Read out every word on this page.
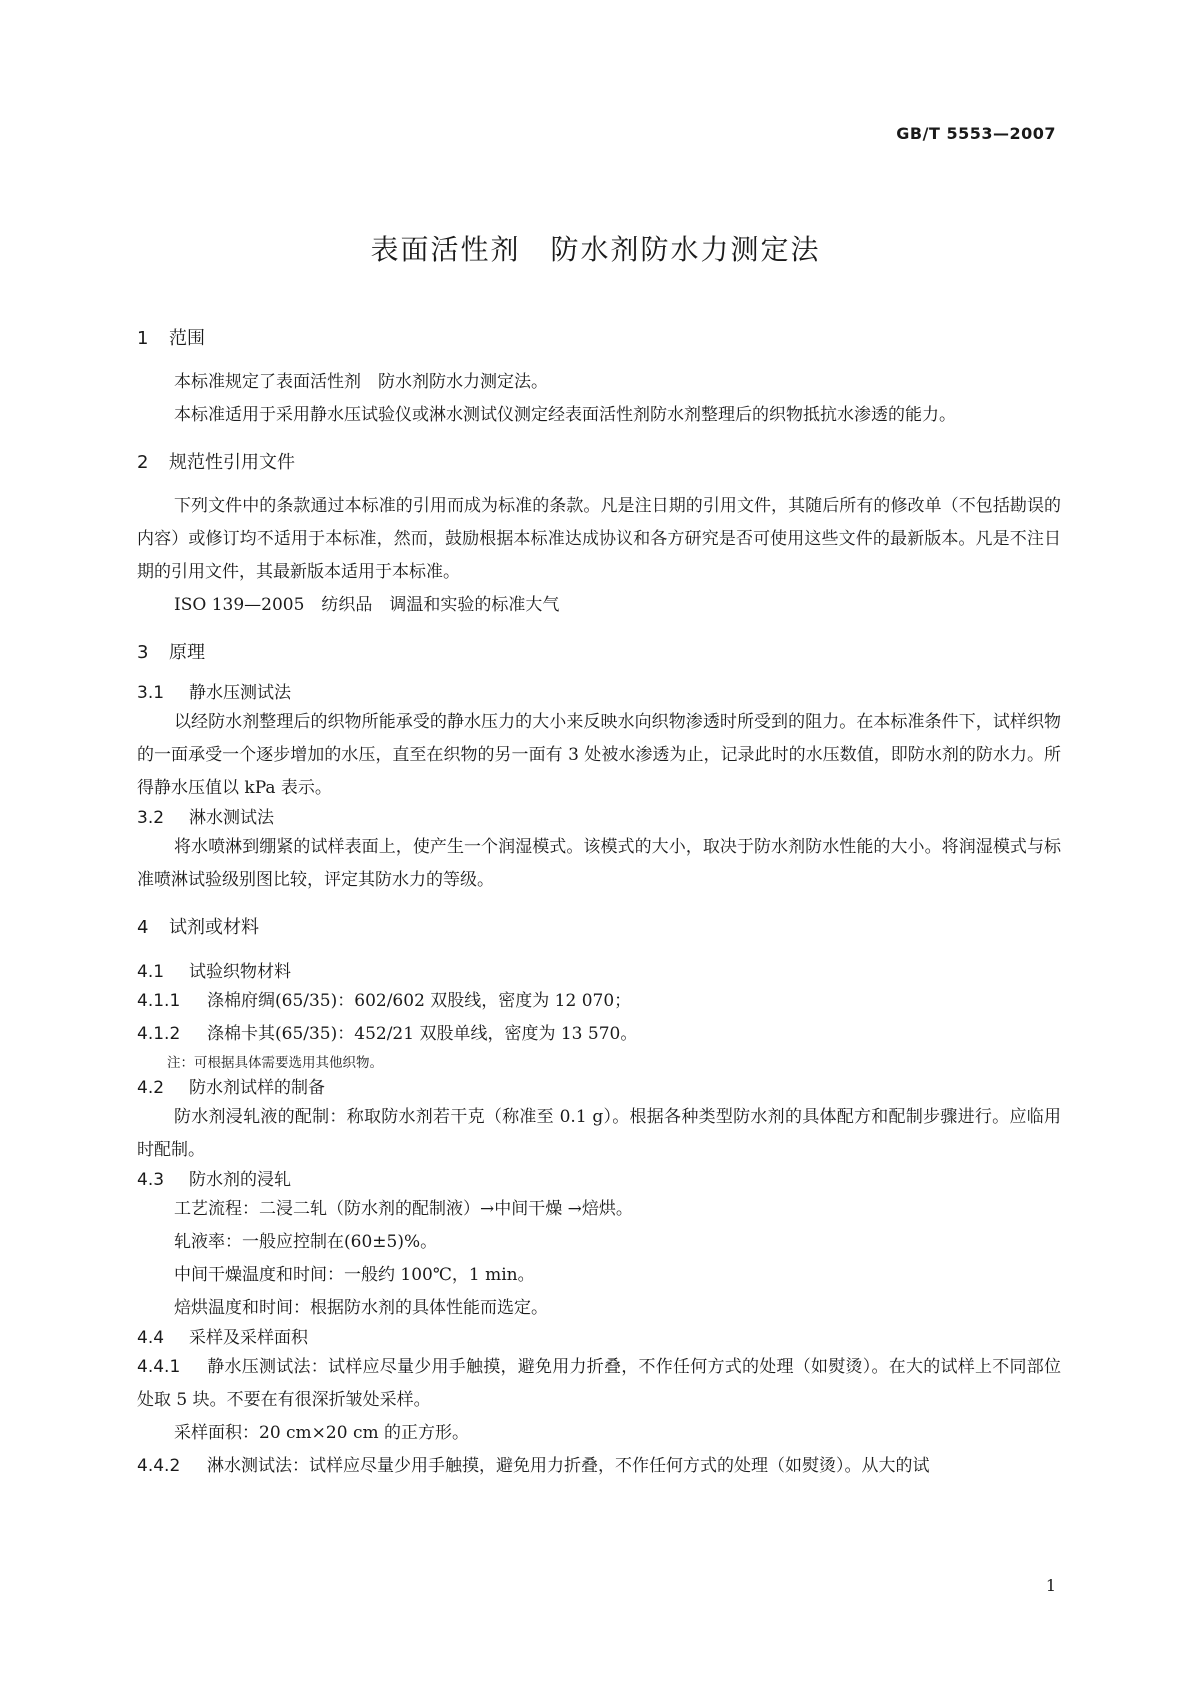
GB/T 5553—2007
表面活性剂　防水剂防水力测定法
1 范围

本标准规定了表面活性剂　防水剂防水力测定法。

本标准适用于采用静水压试验仪或淋水测试仪测定经表面活性剂防水剂整理后的织物抵抗水渗透的能力。

2 规范性引用文件

下列文件中的条款通过本标准的引用而成为标准的条款。凡是注日期的引用文件，其随后所有的修改单（不包括勘误的内容）或修订均不适用于本标准，然而，鼓励根据本标准达成协议和各方研究是否可使用这些文件的最新版本。凡是不注日期的引用文件，其最新版本适用于本标准。

ISO 139—2005　纺织品　调温和实验的标准大气

3 原理
3.1 静水压测试法

以经防水剂整理后的织物所能承受的静水压力的大小来反映水向织物渗透时所受到的阻力。在本标准条件下，试样织物的一面承受一个逐步增加的水压，直至在织物的另一面有 3 处被水渗透为止，记录此时的水压数值，即防水剂的防水力。所得静水压值以 kPa 表示。

3.2 淋水测试法

将水喷淋到绷紧的试样表面上，使产生一个润湿模式。该模式的大小，取决于防水剂防水性能的大小。将润湿模式与标准喷淋试验级别图比较，评定其防水力的等级。

4 试剂或材料
4.1 试验织物材料

4.1.1 涤棉府绸(65/35)：602/602 双股线，密度为 12 070；

4.1.2 涤棉卡其(65/35)：452/21 双股单线，密度为 13 570。

注：可根据具体需要选用其他织物。

4.2 防水剂试样的制备

防水剂浸轧液的配制：称取防水剂若干克（称准至 0.1 g）。根据各种类型防水剂的具体配方和配制步骤进行。应临用时配制。

4.3 防水剂的浸轧

工艺流程：二浸二轧（防水剂的配制液）→中间干燥 →焙烘。

轧液率：一般应控制在(60±5)%。

中间干燥温度和时间：一般约 100℃，1 min。

焙烘温度和时间：根据防水剂的具体性能而选定。

4.4 采样及采样面积

4.4.1 静水压测试法：试样应尽量少用手触摸，避免用力折叠，不作任何方式的处理（如熨烫）。在大的试样上不同部位处取 5 块。不要在有很深折皱处采样。

采样面积：20 cm×20 cm 的正方形。

4.4.2 淋水测试法：试样应尽量少用手触摸，避免用力折叠，不作任何方式的处理（如熨烫）。从大的试

1
